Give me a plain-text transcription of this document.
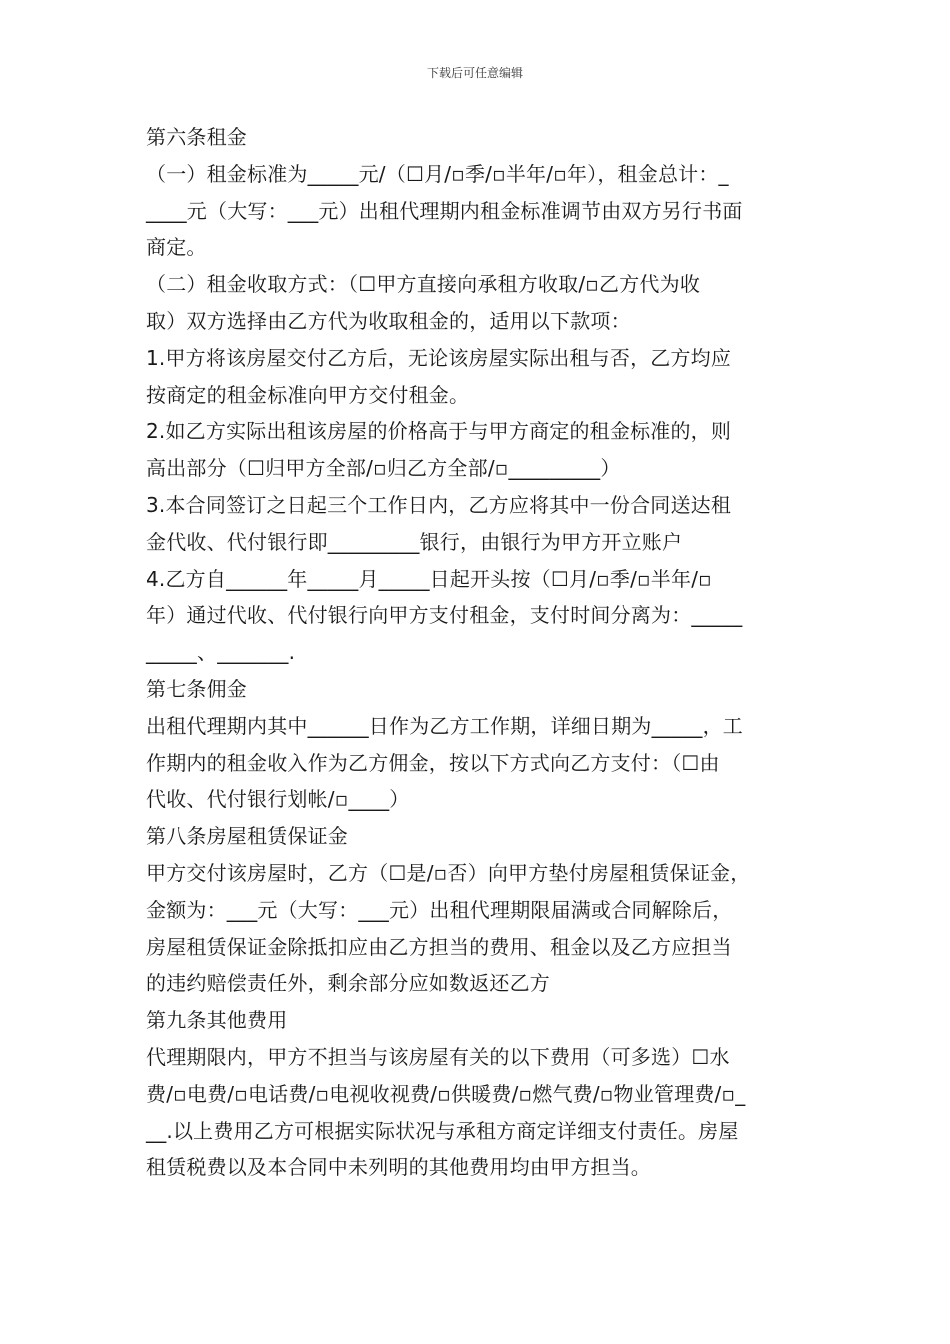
下载后可任意编辑
第六条租金
（一）租金标准为_____元/（☐月/▫季/▫半年/▫年），租金总计：_
____元（大写：___元）出租代理期内租金标准调节由双方另行书面
商定。
（二）租金收取方式：（☐甲方直接向承租方收取/▫乙方代为收
取）双方选择由乙方代为收取租金的，适用以下款项：
1.甲方将该房屋交付乙方后，无论该房屋实际出租与否，乙方均应
按商定的租金标准向甲方交付租金。
2.如乙方实际出租该房屋的价格高于与甲方商定的租金标准的，则
高出部分（☐归甲方全部/▫归乙方全部/▫_________）
3.本合同签订之日起三个工作日内，乙方应将其中一份合同送达租
金代收、代付银行即_________银行，由银行为甲方开立账户
4.乙方自______年_____月_____日起开头按（☐月/▫季/▫半年/▫
年）通过代收、代付银行向甲方支付租金，支付时间分离为：_____
_____、_______.
第七条佣金
出租代理期内其中______日作为乙方工作期，详细日期为_____，工
作期内的租金收入作为乙方佣金，按以下方式向乙方支付：（☐由
代收、代付银行划帐/▫____）
第八条房屋租赁保证金
甲方交付该房屋时，乙方（☐是/▫否）向甲方垫付房屋租赁保证金，
金额为：___元（大写：___元）出租代理期限届满或合同解除后，
房屋租赁保证金除抵扣应由乙方担当的费用、租金以及乙方应担当
的违约赔偿责任外，剩余部分应如数返还乙方
第九条其他费用
代理期限内，甲方不担当与该房屋有关的以下费用（可多选）☐水
费/▫电费/▫电话费/▫电视收视费/▫供暖费/▫燃气费/▫物业管理费/▫_
__.以上费用乙方可根据实际状况与承租方商定详细支付责任。房屋
租赁税费以及本合同中未列明的其他费用均由甲方担当。
